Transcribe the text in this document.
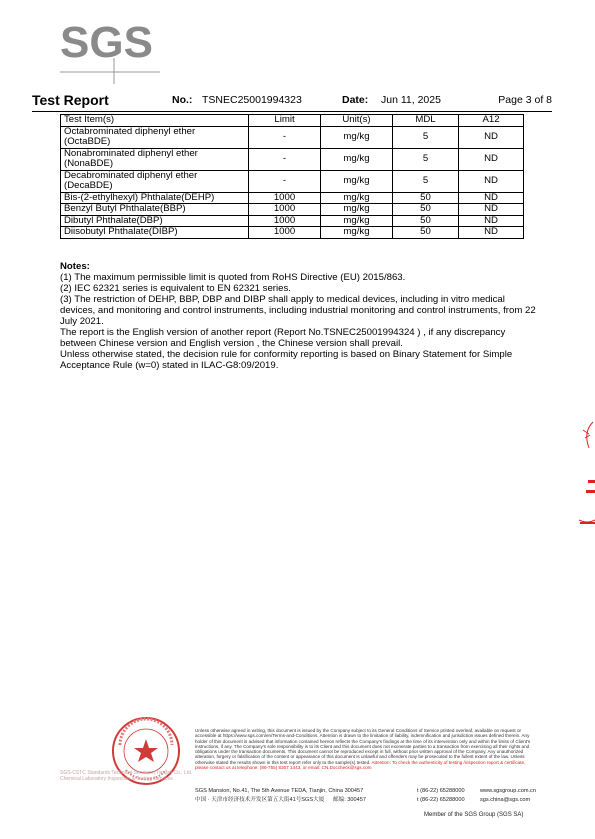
SGS
Test Report	No.: TSNEC25001994323	Date: Jun 11, 2025	Page 3 of 8
Test Item(s)	Limit	Unit(s)	MDL	A12
Octabrominated diphenyl ether
(OctaBDE)	-	mg/kg	5	ND
Nonabrominated diphenyl ether
(NonaBDE)	-	mg/kg	5	ND
Decabrominated diphenyl ether
(DecaBDE)	-	mg/kg	5	ND
Bis-(2-ethylhexyl) Phthalate(DEHP)	1000	mg/kg	50	ND
Benzyl Butyl Phthalate(BBP)	1000	mg/kg	50	ND
Dibutyl Phthalate(DBP)	1000	mg/kg	50	ND
Diisobutyl Phthalate(DIBP)	1000	mg/kg	50	ND

Notes:

(1) The maximum permissible limit is quoted from RoHS Directive (EU) 2015/863.

(2) IEC 62321 series is equivalent to EN 62321 series.

(3) The restriction of DEHP, BBP, DBP and DIBP shall apply to medical devices, including in vitro medical devices, and monitoring and control instruments, including industrial monitoring and control instruments, from 22 July 2021.

The report is the English version of another report (Report No.TSNEC25001994324 ) , if any discrepancy between Chinese version and English version , the Chinese version shall prevail.

Unless otherwise stated, the decision rule for conformity reporting is based on Binary Statement for Simple Acceptance Rule (w=0) stated in ILAC-G8:09/2019.

SGS-CSTC Standards Technical Services (Tianjin) Co., Ltd. Chemical Laboratory Inspection & Testing Services
Unless otherwise agreed in writing, this document is issued by the Company subject to its General Conditions of Service printed overleaf, available on request or accessible at https://www.sgs.com/en/Terms-and-Conditions. Attention is drawn to the limitation of liability, indemnification and jurisdiction issues defined therein. Any holder of this document is advised that information contained hereon reflects the Company's findings at the time of its intervention only and within the limits of Client's instructions, if any. The Company's sole responsibility is to its Client and this document does not exonerate parties to a transaction from exercising all their rights and obligations under the transaction documents. This document cannot be reproduced except in full, without prior written approval of the Company. Any unauthorized alteration, forgery or falsification of the content or appearance of this document is unlawful and offenders may be prosecuted to the fullest extent of the law. Unless otherwise stated the results shown in this test report refer only to the sample(s) tested. Attention: To check the authenticity of testing /inspection report & certificate, please contact us at telephone: (86-755) 8307 1443, or email: CN.Doccheck@sgs.com
SGS Mansion, No.41, The 5th Avenue TEDA, Tianjin, China 300457
中国 · 天津市经济技术开发区第五大街41号SGS大厦 邮编: 300457
t (86-22) 65288000
t (86-22) 65288000
www.sgsgroup.com.cn
sgs.china@sgs.com
Member of the SGS Group (SGS SA)
